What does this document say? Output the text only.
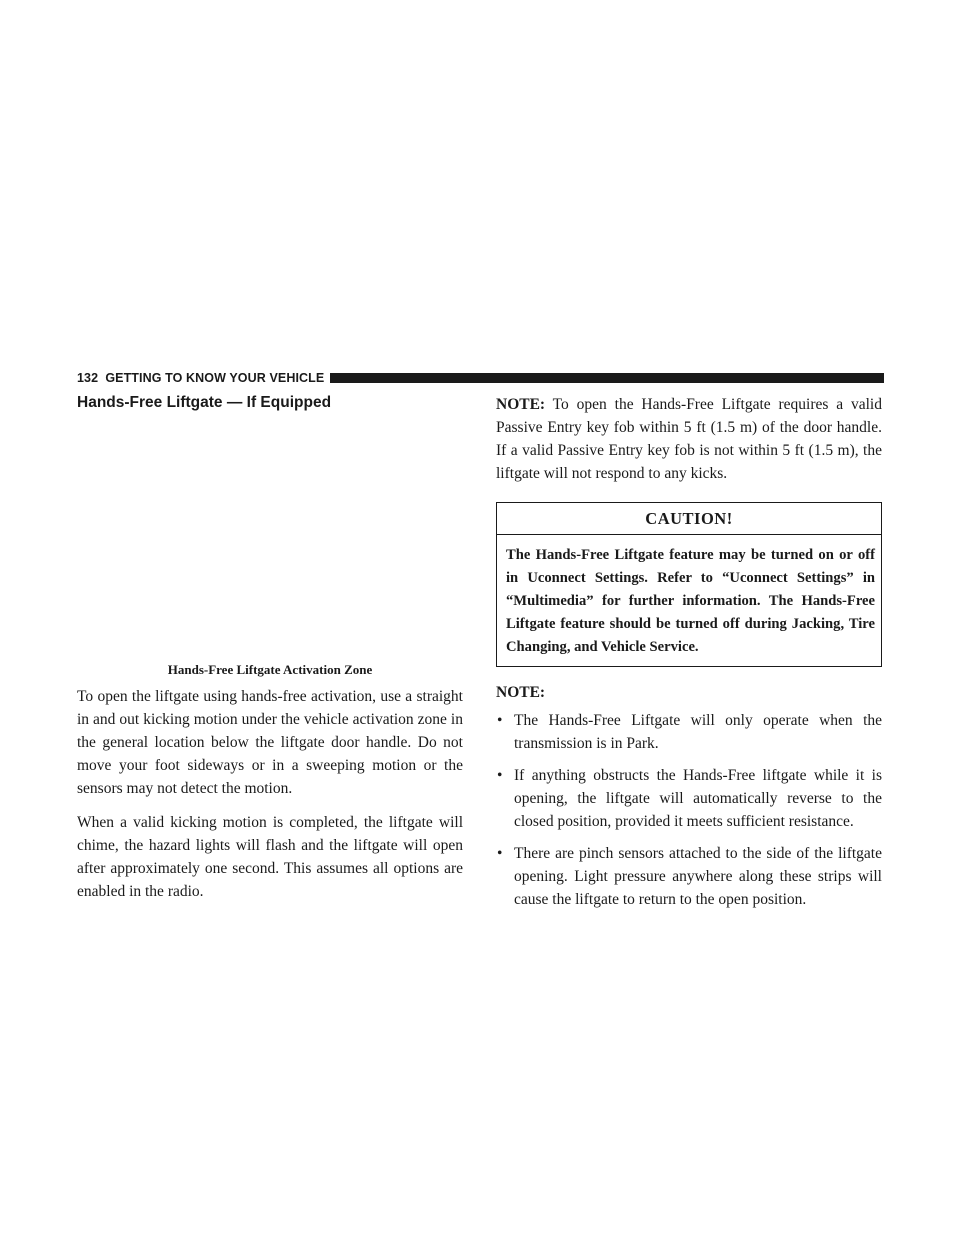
132 GETTING TO KNOW YOUR VEHICLE
Hands-Free Liftgate — If Equipped
Hands-Free Liftgate Activation Zone

To open the liftgate using hands-free activation, use a straight in and out kicking motion under the vehicle activation zone in the general location below the liftgate door handle. Do not move your foot sideways or in a sweeping motion or the sensors may not detect the motion.

When a valid kicking motion is completed, the liftgate will chime, the hazard lights will flash and the liftgate will open after approximately one second. This assumes all options are enabled in the radio.

NOTE: To open the Hands-Free Liftgate requires a valid Passive Entry key fob within 5 ft (1.5 m) of the door handle. If a valid Passive Entry key fob is not within 5 ft (1.5 m), the liftgate will not respond to any kicks.

CAUTION!
The Hands-Free Liftgate feature may be turned on or off in Uconnect Settings. Refer to “Uconnect Settings” in “Multimedia” for further information. The Hands-Free Liftgate feature should be turned off during Jacking, Tire Changing, and Vehicle Service.
NOTE:
• The Hands-Free Liftgate will only operate when the transmission is in Park.
• If anything obstructs the Hands-Free liftgate while it is opening, the liftgate will automatically reverse to the closed position, provided it meets sufficient resistance.
• There are pinch sensors attached to the side of the liftgate opening. Light pressure anywhere along these strips will cause the liftgate to return to the open position.
